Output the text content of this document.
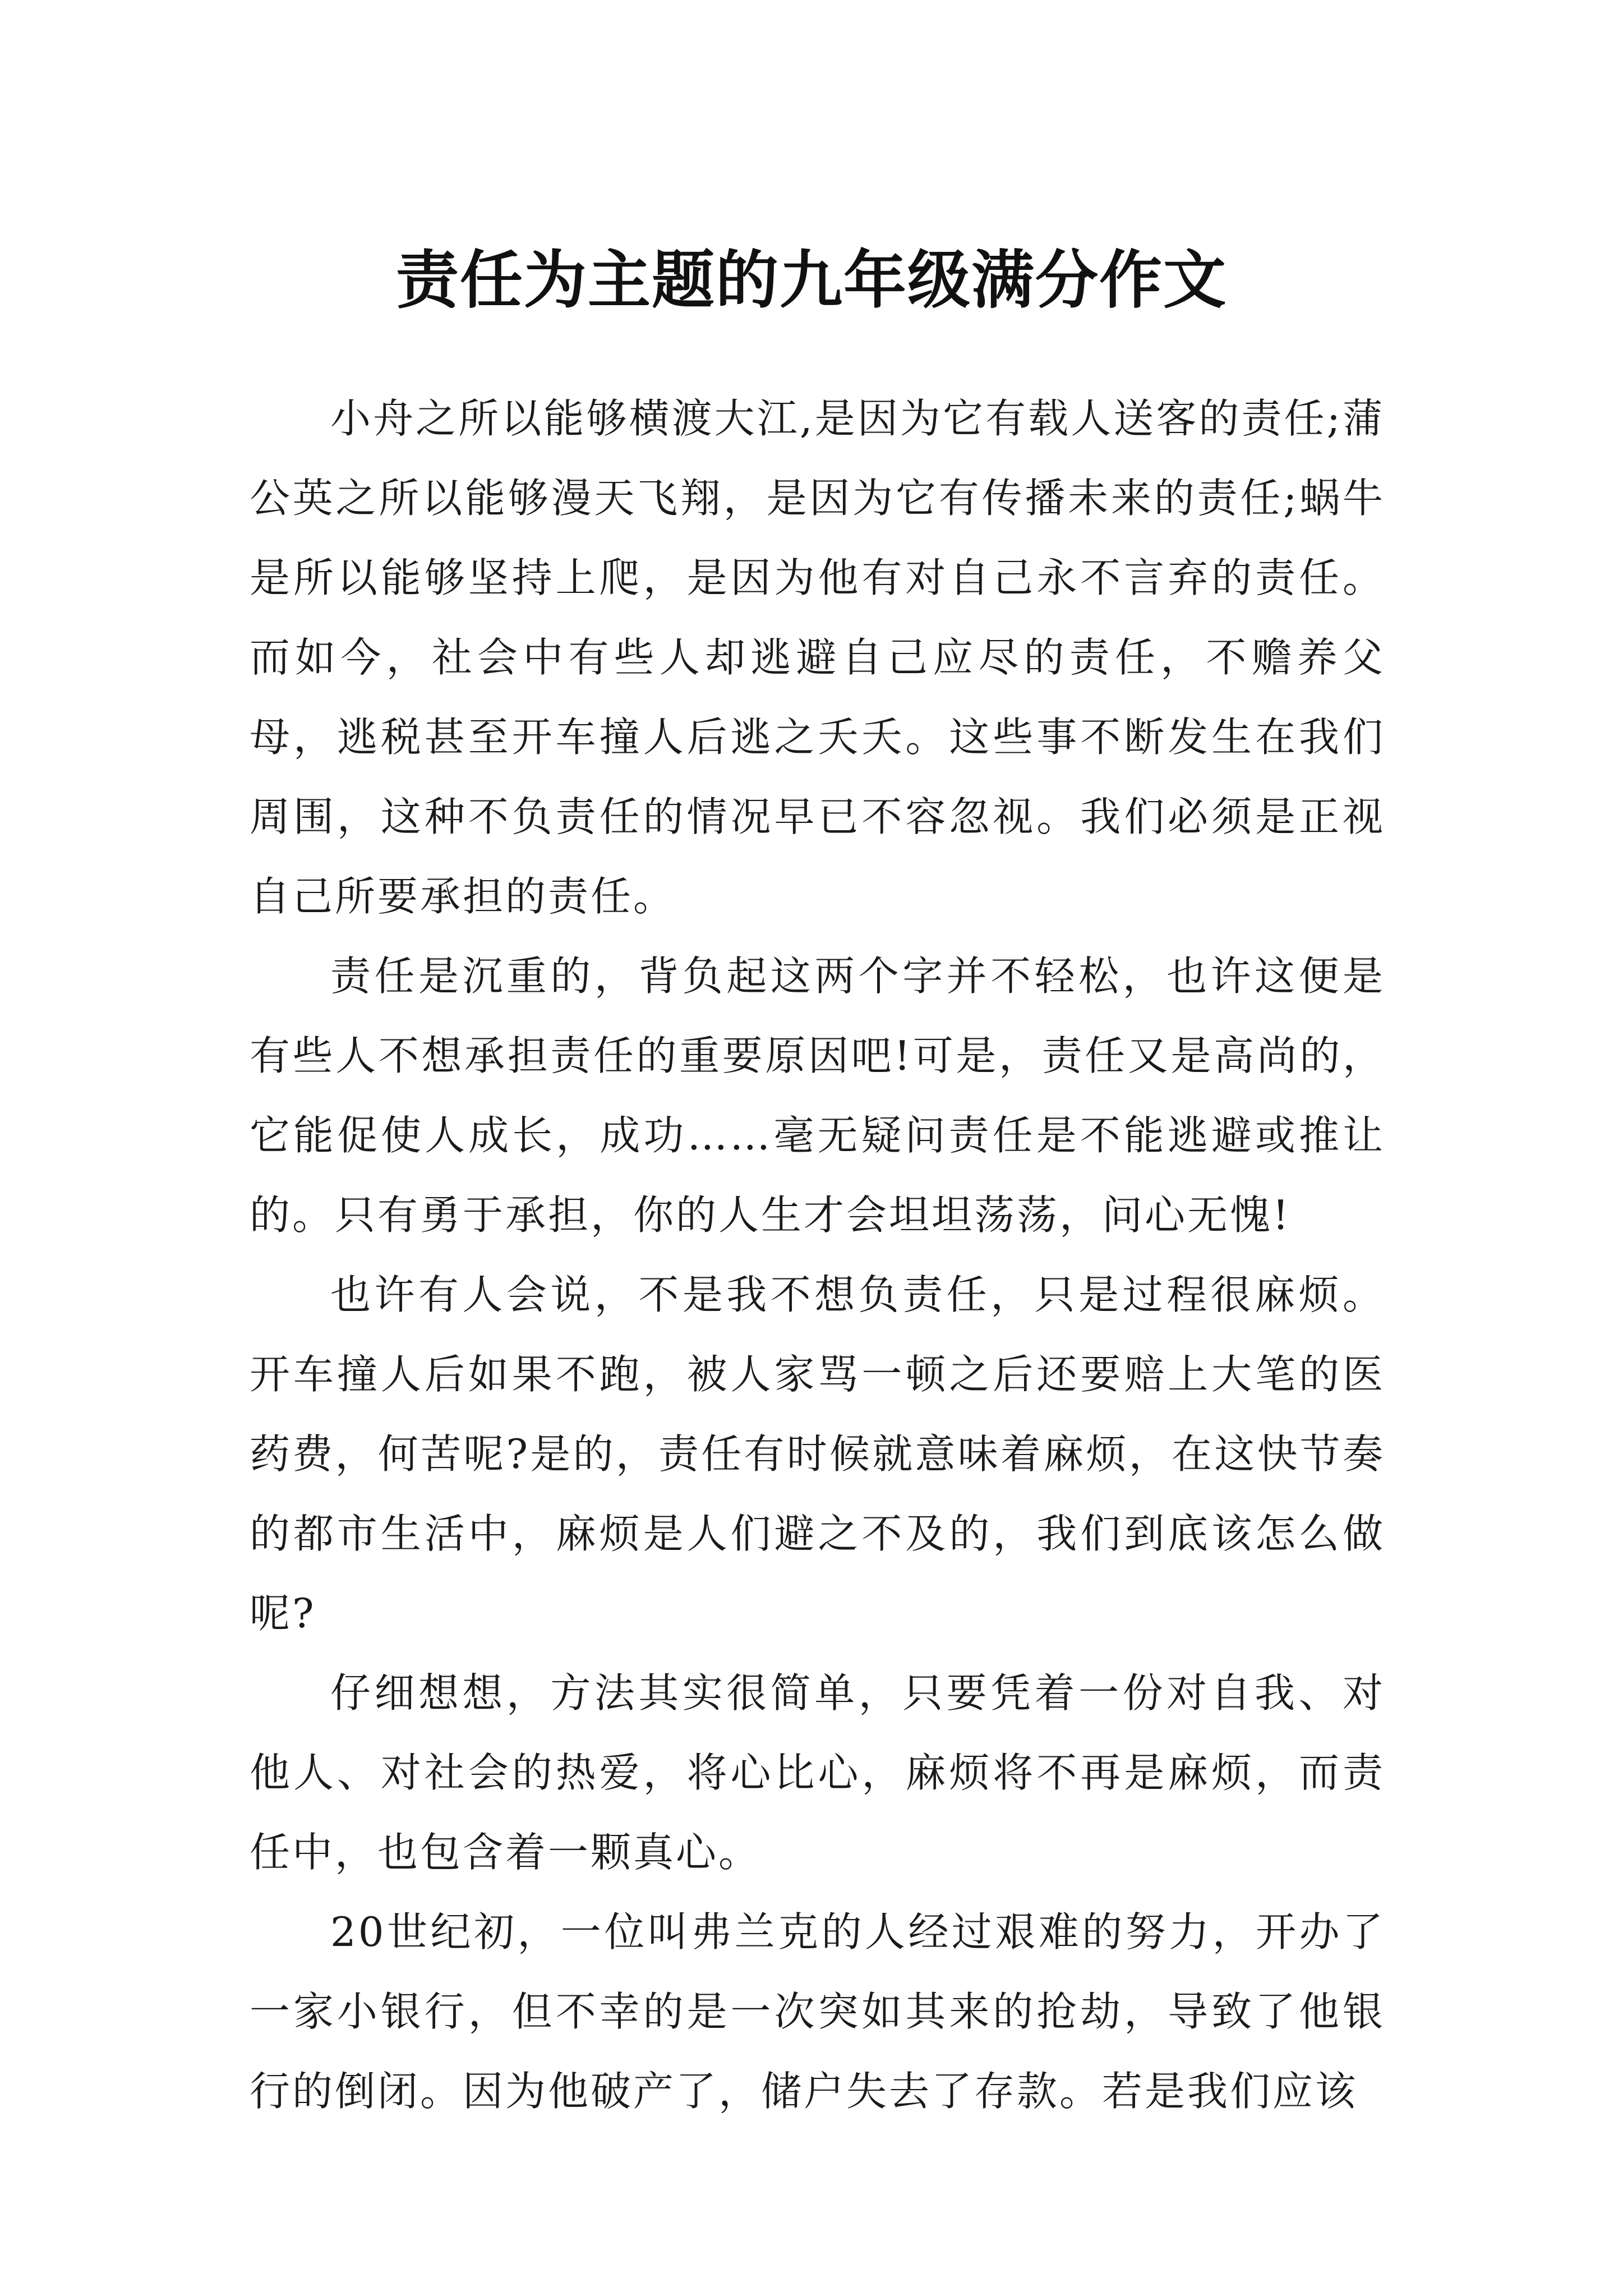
责任为主题的九年级满分作文

小舟之所以能够横渡大江,是因为它有载人送客的责任;蒲公英之所以能够漫天飞翔，是因为它有传播未来的责任;蜗牛是所以能够坚持上爬，是因为他有对自己永不言弃的责任。而如今，社会中有些人却逃避自己应尽的责任，不赡养父母，逃税甚至开车撞人后逃之夭夭。这些事不断发生在我们周围，这种不负责任的情况早已不容忽视。我们必须是正视自己所要承担的责任。

责任是沉重的，背负起这两个字并不轻松，也许这便是有些人不想承担责任的重要原因吧!可是，责任又是高尚的，它能促使人成长，成功……毫无疑问责任是不能逃避或推让的。只有勇于承担，你的人生才会坦坦荡荡，问心无愧!

也许有人会说，不是我不想负责任，只是过程很麻烦。开车撞人后如果不跑，被人家骂一顿之后还要赔上大笔的医药费，何苦呢?是的，责任有时候就意味着麻烦，在这快节奏的都市生活中，麻烦是人们避之不及的，我们到底该怎么做呢?

仔细想想，方法其实很简单，只要凭着一份对自我、对他人、对社会的热爱，将心比心，麻烦将不再是麻烦，而责任中，也包含着一颗真心。

20世纪初，一位叫弗兰克的人经过艰难的努力，开办了一家小银行，但不幸的是一次突如其来的抢劫，导致了他银行的倒闭。因为他破产了，储户失去了存款。若是我们应该
